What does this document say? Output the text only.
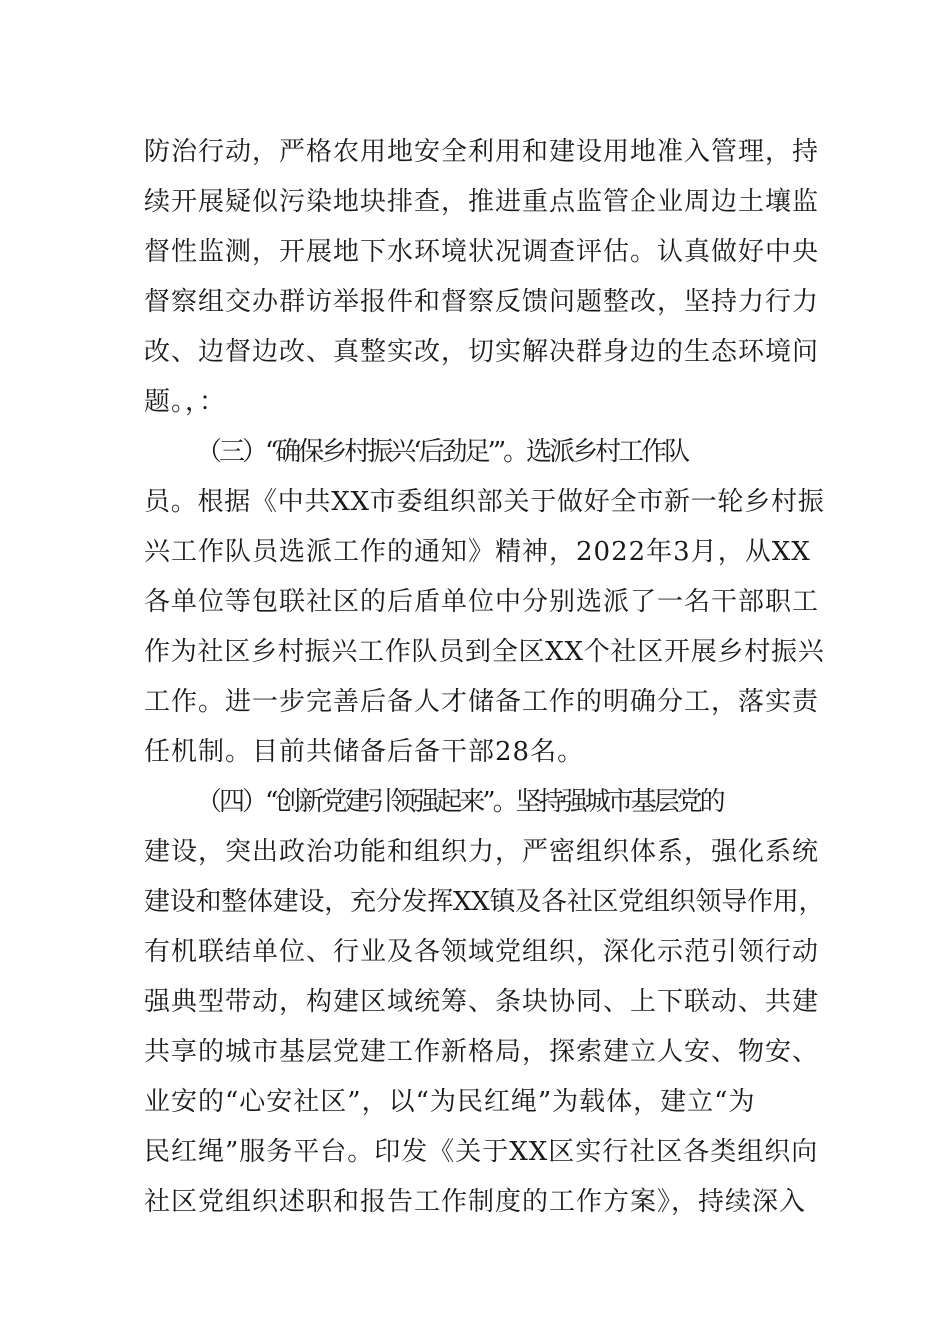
防治行动，严格农用地安全利用和建设用地准入管理，持
续开展疑似污染地块排查，推进重点监管企业周边土壤监
督性监测，开展地下水环境状况调查评估。认真做好中央
督察组交办群访举报件和督察反馈问题整改，坚持力行力
改、边督边改、真整实改，切实解决群身边的生态环境问
题。，：
（三）“确保乡村振兴‘后劲足’”。选派乡村工作队
员。根据《中共XX市委组织部关于做好全市新一轮乡村振
兴工作队员选派工作的通知》精神，2022年3月，从XX
各单位等包联社区的后盾单位中分别选派了一名干部职工
作为社区乡村振兴工作队员到全区XX个社区开展乡村振兴
工作。进一步完善后备人才储备工作的明确分工，落实责
任机制。目前共储备后备干部28名。
（四）“创新党建引领强起来”。坚持强城市基层党的
建设，突出政治功能和组织力，严密组织体系，强化系统
建设和整体建设，充分发挥XX镇及各社区党组织领导作用，
有机联结单位、行业及各领域党组织，深化示范引领行动
强典型带动，构建区域统筹、条块协同、上下联动、共建
共享的城市基层党建工作新格局，探索建立人安、物安、
业安的“心安社区”，以“为民红绳”为载体，建立“为
民红绳”服务平台。印发《关于XX区实行社区各类组织向
社区党组织述职和报告工作制度的工作方案》，持续深入
